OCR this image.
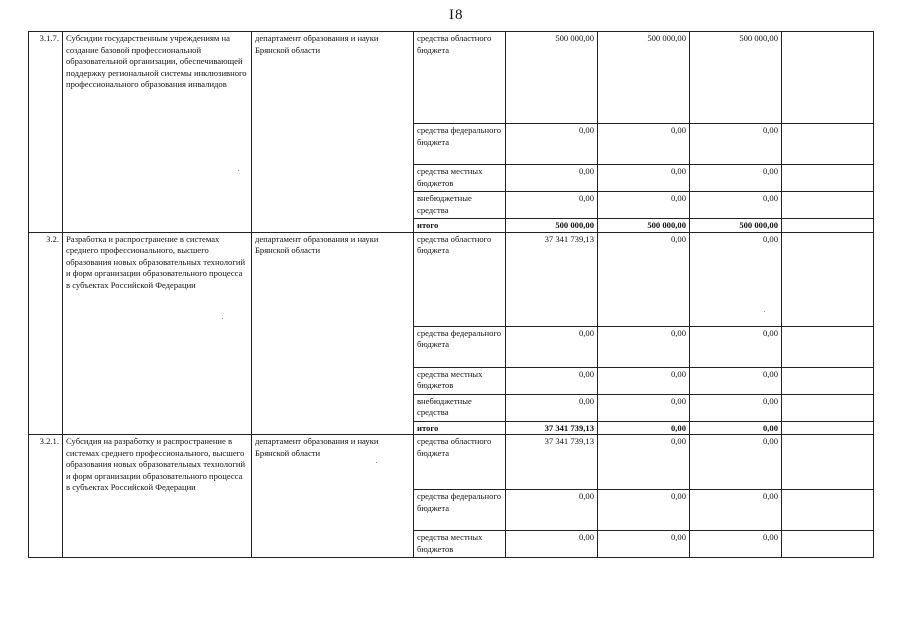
I8
3.1.7.	Субсидии государственным учреждениям на создание базовой профессиональной образовательной организации, обеспечивающей поддержку региональной системы инклюзивного профессионального образования инвалидов	департамент образования и науки Брянской области	средства областного бюджета	500 000,00	500 000,00	500 000,00	
			средства федерального бюджета	0,00	0,00	0,00	
			средства местных бюджетов	0,00	0,00	0,00	
			внебюджетные средства	0,00	0,00	0,00	
			итого	500 000,00	500 000,00	500 000,00	
3.2.	Разработка и распространение в системах среднего профессионального, высшего образования новых образовательных технологий и форм организации образовательного процесса в субъектах Российской Федерации	департамент образования и науки Брянской области	средства областного бюджета	37 341 739,13	0,00	0,00	
			средства федерального бюджета	0,00	0,00	0,00	
			средства местных бюджетов	0,00	0,00	0,00	
			внебюджетные средства	0,00	0,00	0,00	
			итого	37 341 739,13	0,00	0,00	
3.2.1.	Субсидия на разработку и распространение в системах среднего профессионального, высшего образования новых образовательных технологий и форм организации образовательного процесса в субъектах Российской Федерации	департамент образования и науки Брянской области	средства областного бюджета	37 341 739,13	0,00	0,00	
			средства федерального бюджета	0,00	0,00	0,00	
			средства местных бюджетов	0,00	0,00	0,00	
